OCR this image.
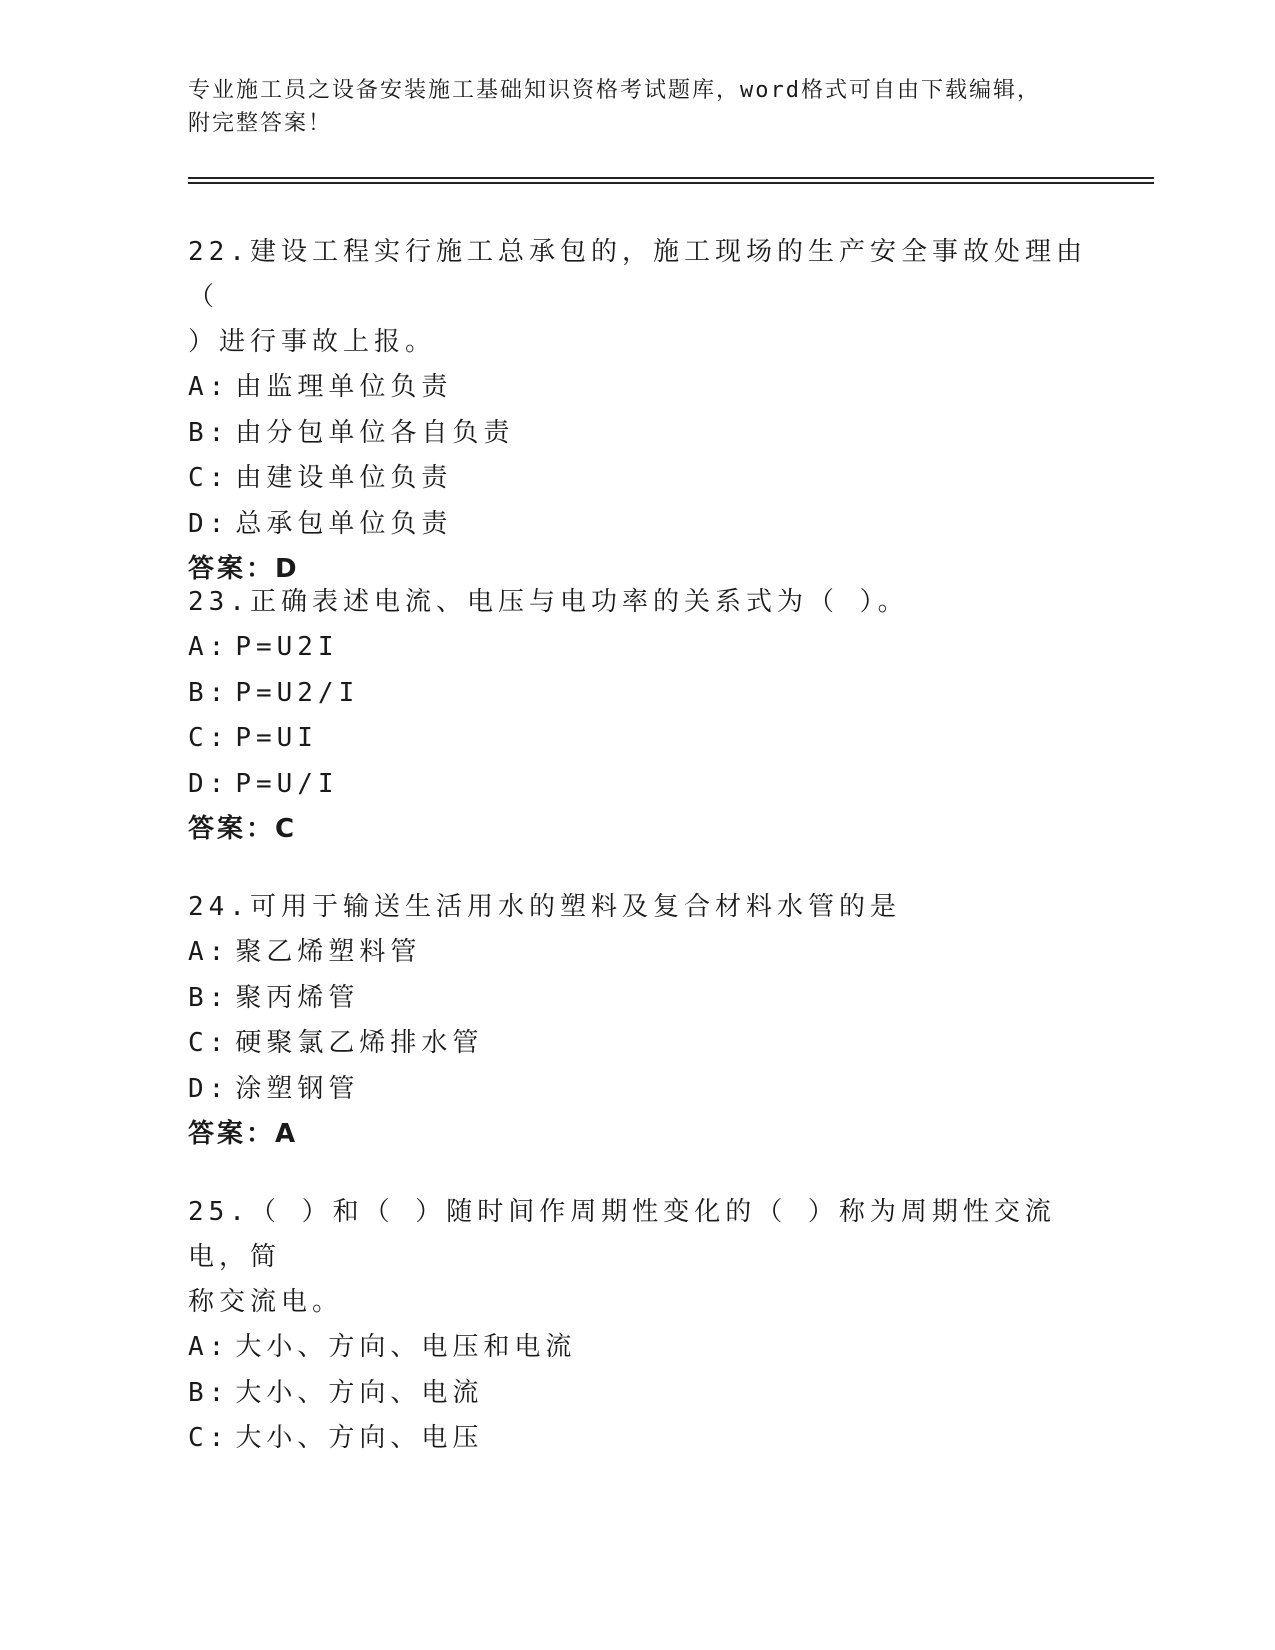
专业施工员之设备安装施工基础知识资格考试题库，word格式可自由下载编辑，
附完整答案！
22.建设工程实行施工总承包的，施工现场的生产安全事故处理由（
）进行事故上报。
A: 由监理单位负责
B: 由分包单位各自负责
C: 由建设单位负责
D: 总承包单位负责
答案：D
23.正确表述电流、电压与电功率的关系式为（ ）。
A: P=U2I
B: P=U2/I
C: P=UI
D: P=U/I
答案：C
24.可用于输送生活用水的塑料及复合材料水管的是
A: 聚乙烯塑料管
B: 聚丙烯管
C: 硬聚氯乙烯排水管
D: 涂塑钢管
答案：A
25.（ ）和（ ）随时间作周期性变化的（ ）称为周期性交流电，简
称交流电。
A: 大小、方向、电压和电流
B: 大小、方向、电流
C: 大小、方向、电压
